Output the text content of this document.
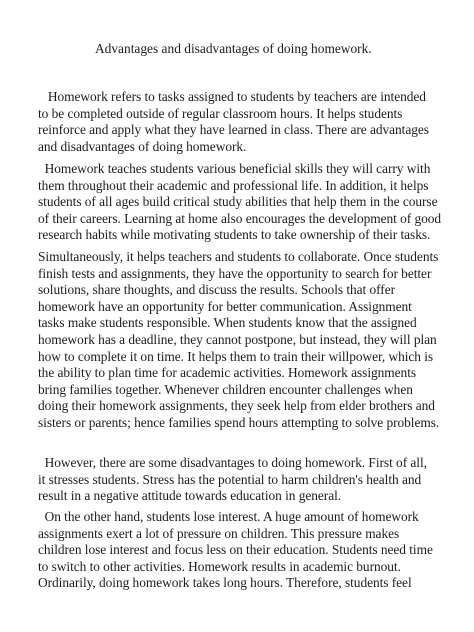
Advantages and disadvantages of doing homework.
Homework refers to tasks assigned to students by teachers are intended
to be completed outside of regular classroom hours. It helps students
reinforce and apply what they have learned in class. There are advantages
and disadvantages of doing homework.
Homework teaches students various beneficial skills they will carry with
them throughout their academic and professional life. In addition, it helps
students of all ages build critical study abilities that help them in the course
of their careers. Learning at home also encourages the development of good
research habits while motivating students to take ownership of their tasks.
Simultaneously, it helps teachers and students to collaborate. Once students
finish tests and assignments, they have the opportunity to search for better
solutions, share thoughts, and discuss the results. Schools that offer
homework have an opportunity for better communication. Assignment
tasks make students responsible. When students know that the assigned
homework has a deadline, they cannot postpone, but instead, they will plan
how to complete it on time. It helps them to train their willpower, which is
the ability to plan time for academic activities. Homework assignments
bring families together. Whenever children encounter challenges when
doing their homework assignments, they seek help from elder brothers and
sisters or parents; hence families spend hours attempting to solve problems.
However, there are some disadvantages to doing homework. First of all,
it stresses students. Stress has the potential to harm children's health and
result in a negative attitude towards education in general.
On the other hand, students lose interest. A huge amount of homework
assignments exert a lot of pressure on children. This pressure makes
children lose interest and focus less on their education. Students need time
to switch to other activities. Homework results in academic burnout.
Ordinarily, doing homework takes long hours. Therefore, students feel
